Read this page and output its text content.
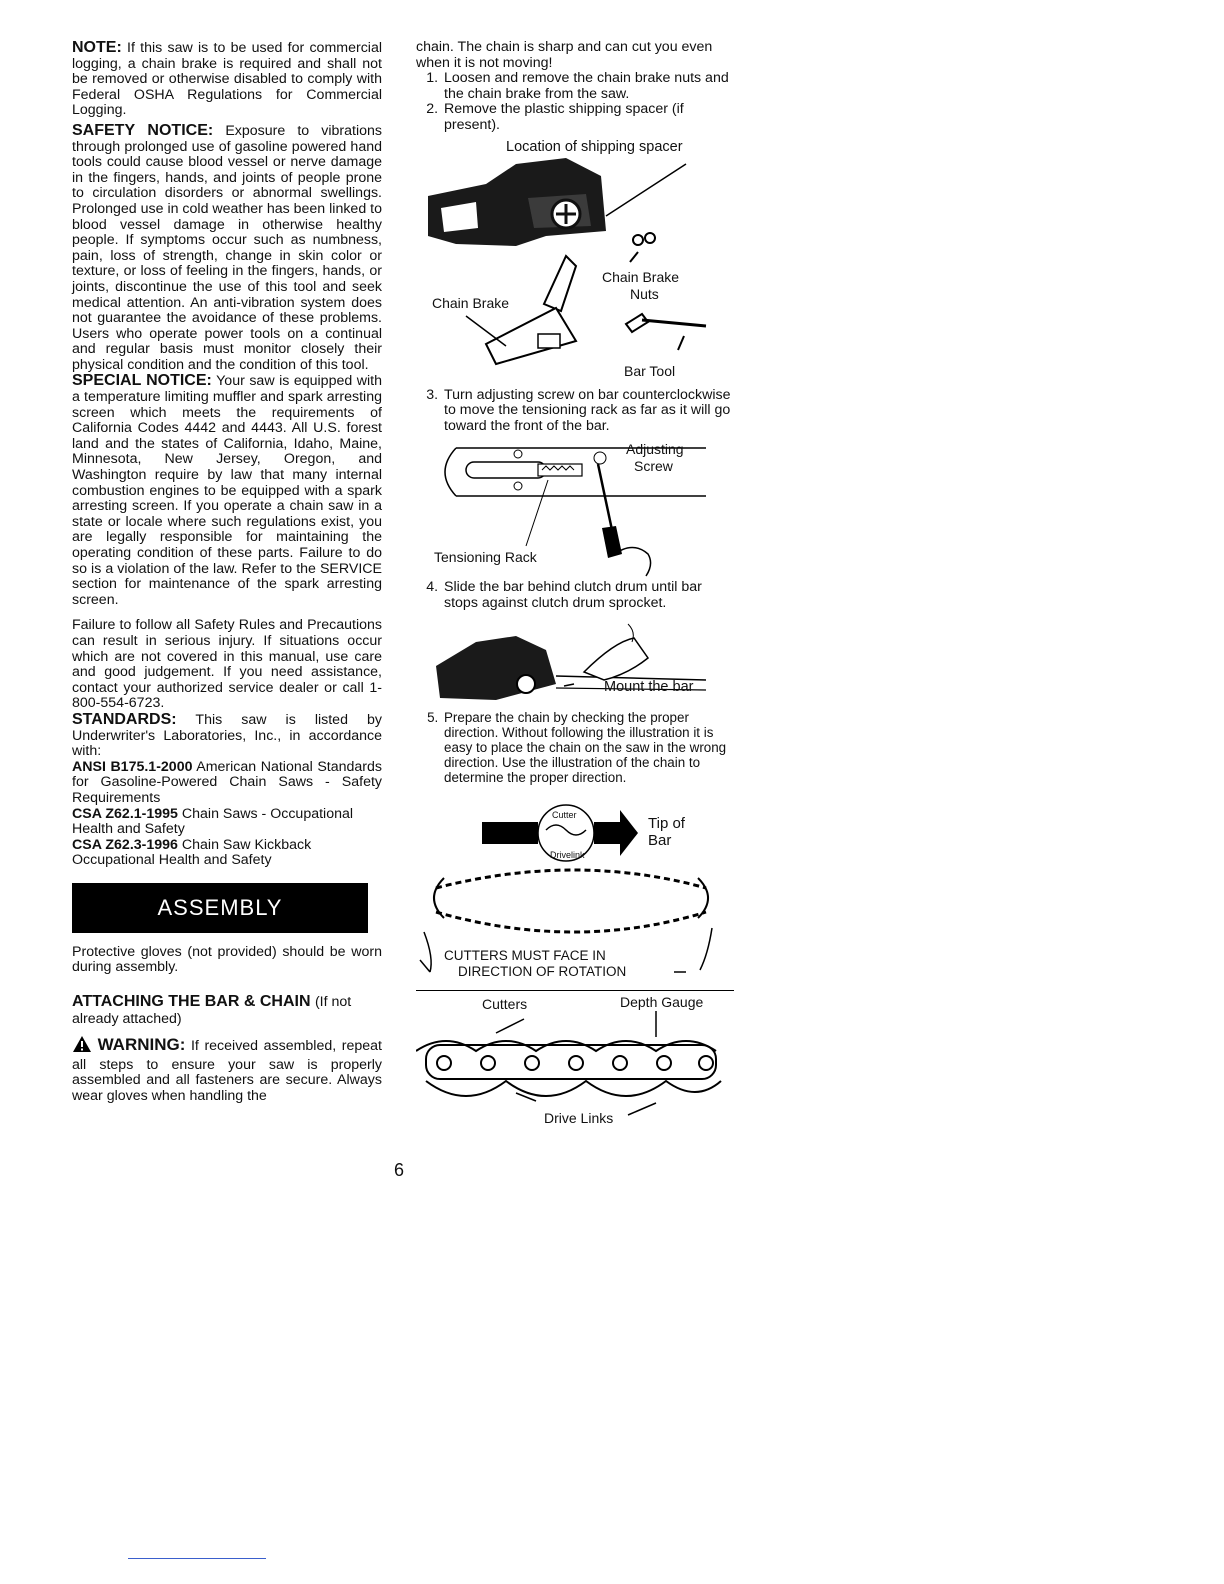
NOTE: If this saw is to be used for commercial logging, a chain brake is required and shall not be removed or otherwise disabled to comply with Federal OSHA Regulations for Commercial Logging.

SAFETY NOTICE: Exposure to vibrations through prolonged use of gasoline powered hand tools could cause blood vessel or nerve damage in the fingers, hands, and joints of people prone to circulation disorders or abnormal swellings. Prolonged use in cold weather has been linked to blood vessel damage in otherwise healthy people. If symptoms occur such as numbness, pain, loss of strength, change in skin color or texture, or loss of feeling in the fingers, hands, or joints, discontinue the use of this tool and seek medical attention. An anti-vibration system does not guarantee the avoidance of these problems. Users who operate power tools on a continual and regular basis must monitor closely their physical condition and the condition of this tool.

SPECIAL NOTICE: Your saw is equipped with a temperature limiting muffler and spark arresting screen which meets the requirements of California Codes 4442 and 4443. All U.S. forest land and the states of California, Idaho, Maine, Minnesota, New Jersey, Oregon, and Washington require by law that many internal combustion engines to be equipped with a spark arresting screen. If you operate a chain saw in a state or locale where such regulations exist, you are legally responsible for maintaining the operating condition of these parts. Failure to do so is a violation of the law. Refer to the SERVICE section for maintenance of the spark arresting screen.

Failure to follow all Safety Rules and Precautions can result in serious injury. If situations occur which are not covered in this manual, use care and good judgement. If you need assistance, contact your authorized service dealer or call 1-800-554-6723.

STANDARDS: This saw is listed by Underwriter's Laboratories, Inc., in accordance with:

ANSI B175.1-2000 American National Standards for Gasoline-Powered Chain Saws - Safety Requirements

CSA Z62.1-1995 Chain Saws - Occupational Health and Safety

CSA Z62.3-1996 Chain Saw Kickback Occupational Health and Safety

ASSEMBLY

Protective gloves (not provided) should be worn during assembly.

ATTACHING THE BAR & CHAIN (If not already attached)

WARNING: If received assembled, repeat all steps to ensure your saw is properly assembled and all fasteners are secure. Always wear gloves when handling the

chain. The chain is sharp and can cut you even when it is not moving!

1. Loosen and remove the chain brake nuts and the chain brake from the saw.
2. Remove the plastic shipping spacer (if present).
Location of shipping spacer
Chain Brake
Nuts
Chain Brake
Bar Tool
3. Turn adjusting screw on bar counterclockwise to move the tensioning rack as far as it will go toward the front of the bar.
Adjusting
Screw
Tensioning Rack
4. Slide the bar behind clutch drum until bar stops against clutch drum sprocket.
Mount the bar
5. Prepare the chain by checking the proper direction. Without following the illustration it is easy to place the chain on the saw in the wrong direction. Use the illustration of the chain to determine the proper direction.
Cutter
Drivelink
Tip of
Bar
CUTTERS MUST FACE IN
DIRECTION OF ROTATION
Cutters	Depth Gauge
Drive Links
6
